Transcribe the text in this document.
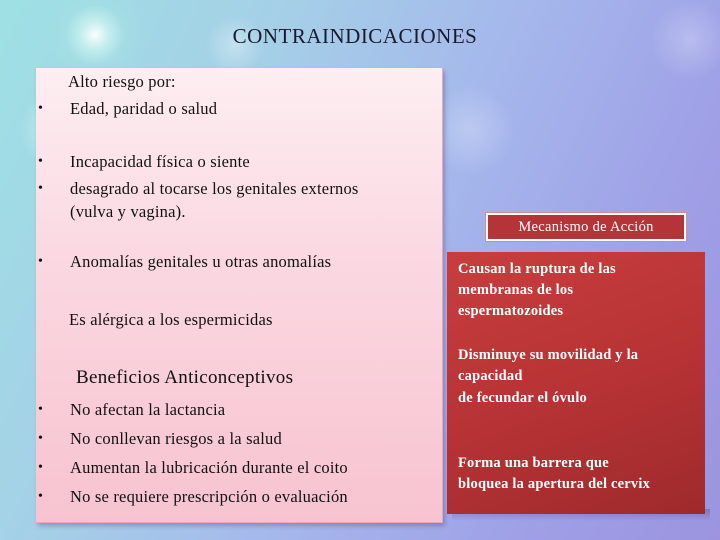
CONTRAINDICACIONES
Alto riesgo por:
• Edad, paridad o salud
• Incapacidad física o siente
• desagrado al tocarse los genitales externos
(vulva y vagina).
• Anomalías genitales u otras anomalías
Es alérgica a los espermicidas
Beneficios Anticonceptivos
• No afectan la lactancia
• No conllevan riesgos a la salud
• Aumentan la lubricación durante el coito
• No se requiere prescripción o evaluación
Mecanismo de Acción
Causan la ruptura de las
membranas de los
espermatozoides
Disminuye su movilidad y la
capacidad
de fecundar el óvulo
Forma una barrera que
bloquea la apertura del cervix
